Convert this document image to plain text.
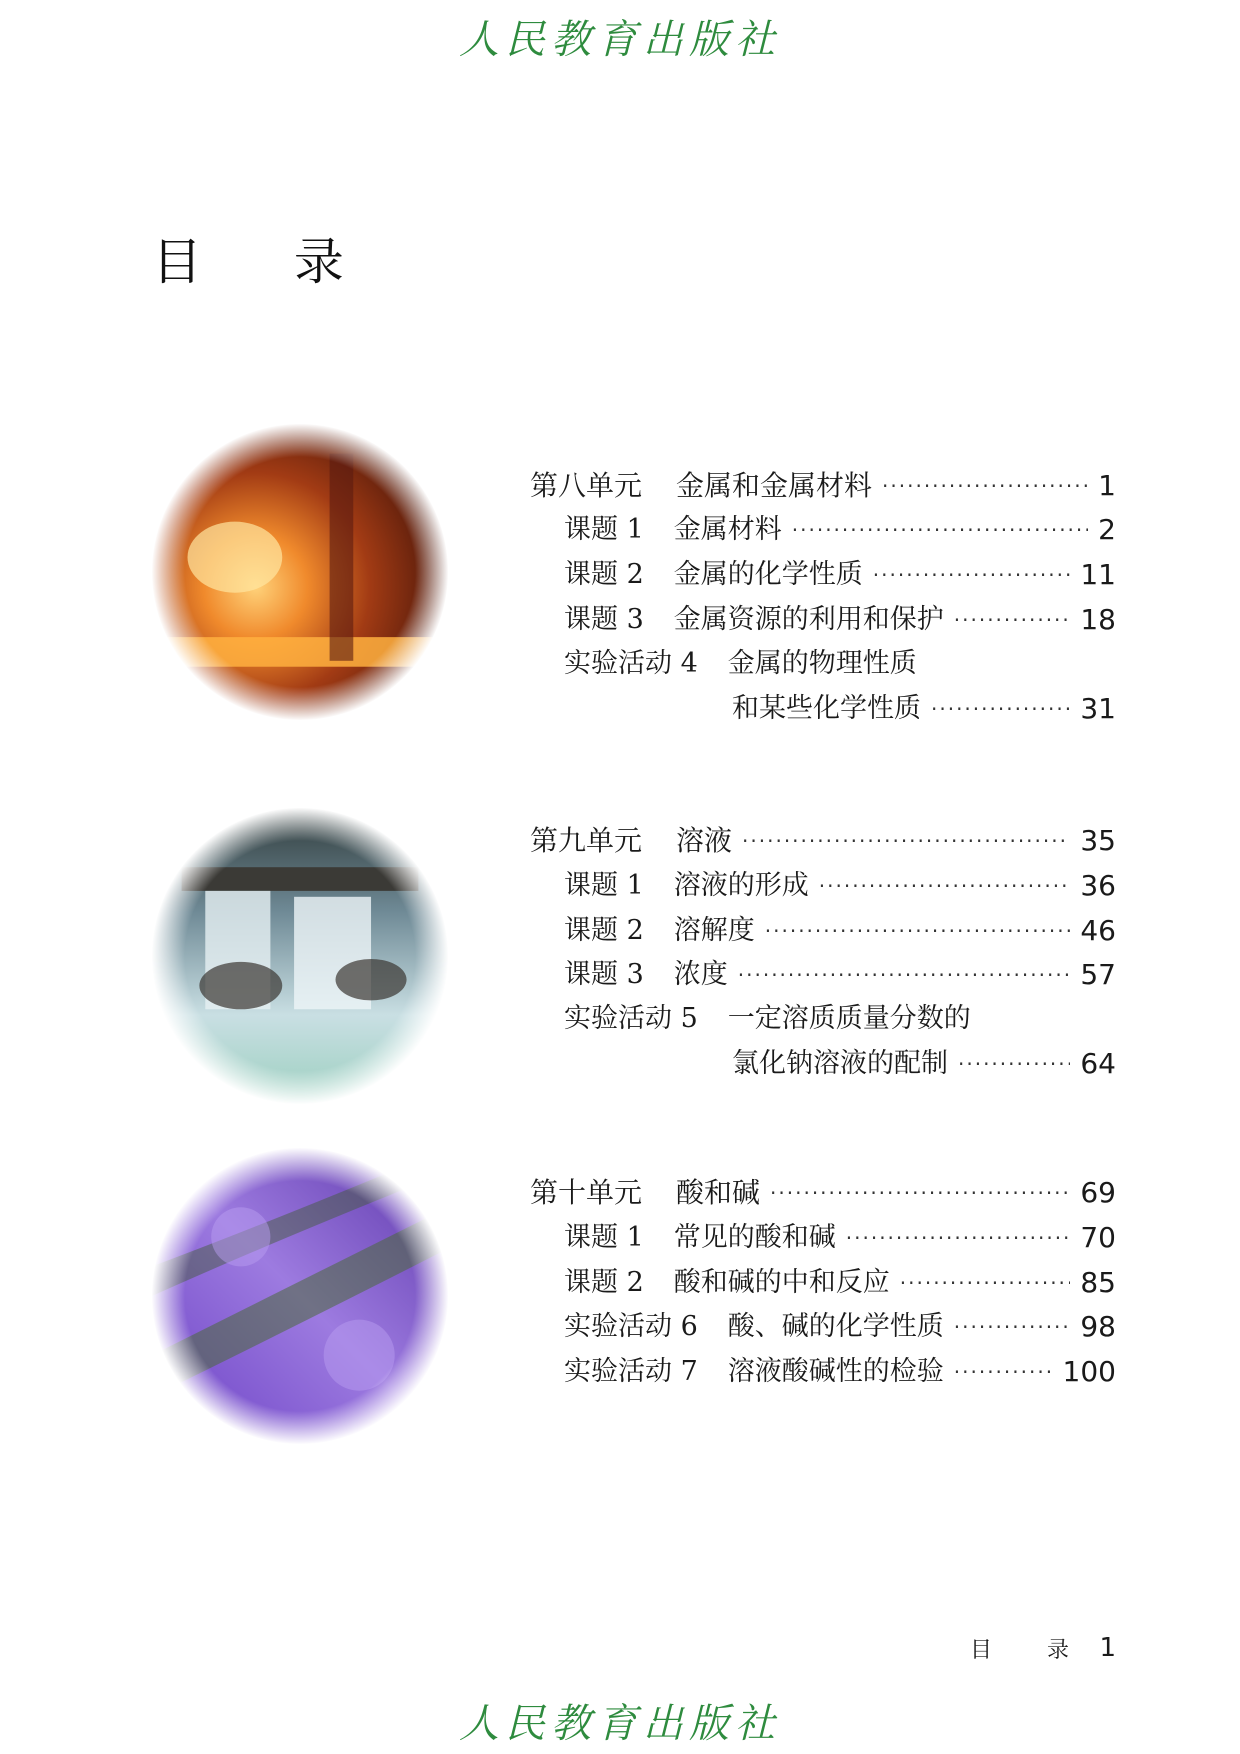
人民教育出版社
目 录
第八单元 金属和金属材料 ·····	1
课题 1 金属材料 ·····	2
课题 2 金属的化学性质 ·····	11
课题 3 金属资源的利用和保护 ·····	18
实验活动 4 金属的物理性质
和某些化学性质 ·····	31
第九单元 溶液 ·····	35
课题 1 溶液的形成 ·····	36
课题 2 溶解度 ·····	46
课题 3 浓度 ·····	57
实验活动 5 一定溶质质量分数的
氯化钠溶液的配制 ·····	64
第十单元 酸和碱 ·····	69
课题 1 常见的酸和碱 ·····	70
课题 2 酸和碱的中和反应 ·····	85
实验活动 6 酸、碱的化学性质 ·····	98
实验活动 7 溶液酸碱性的检验 ·····	100
目 录 1
人民教育出版社
